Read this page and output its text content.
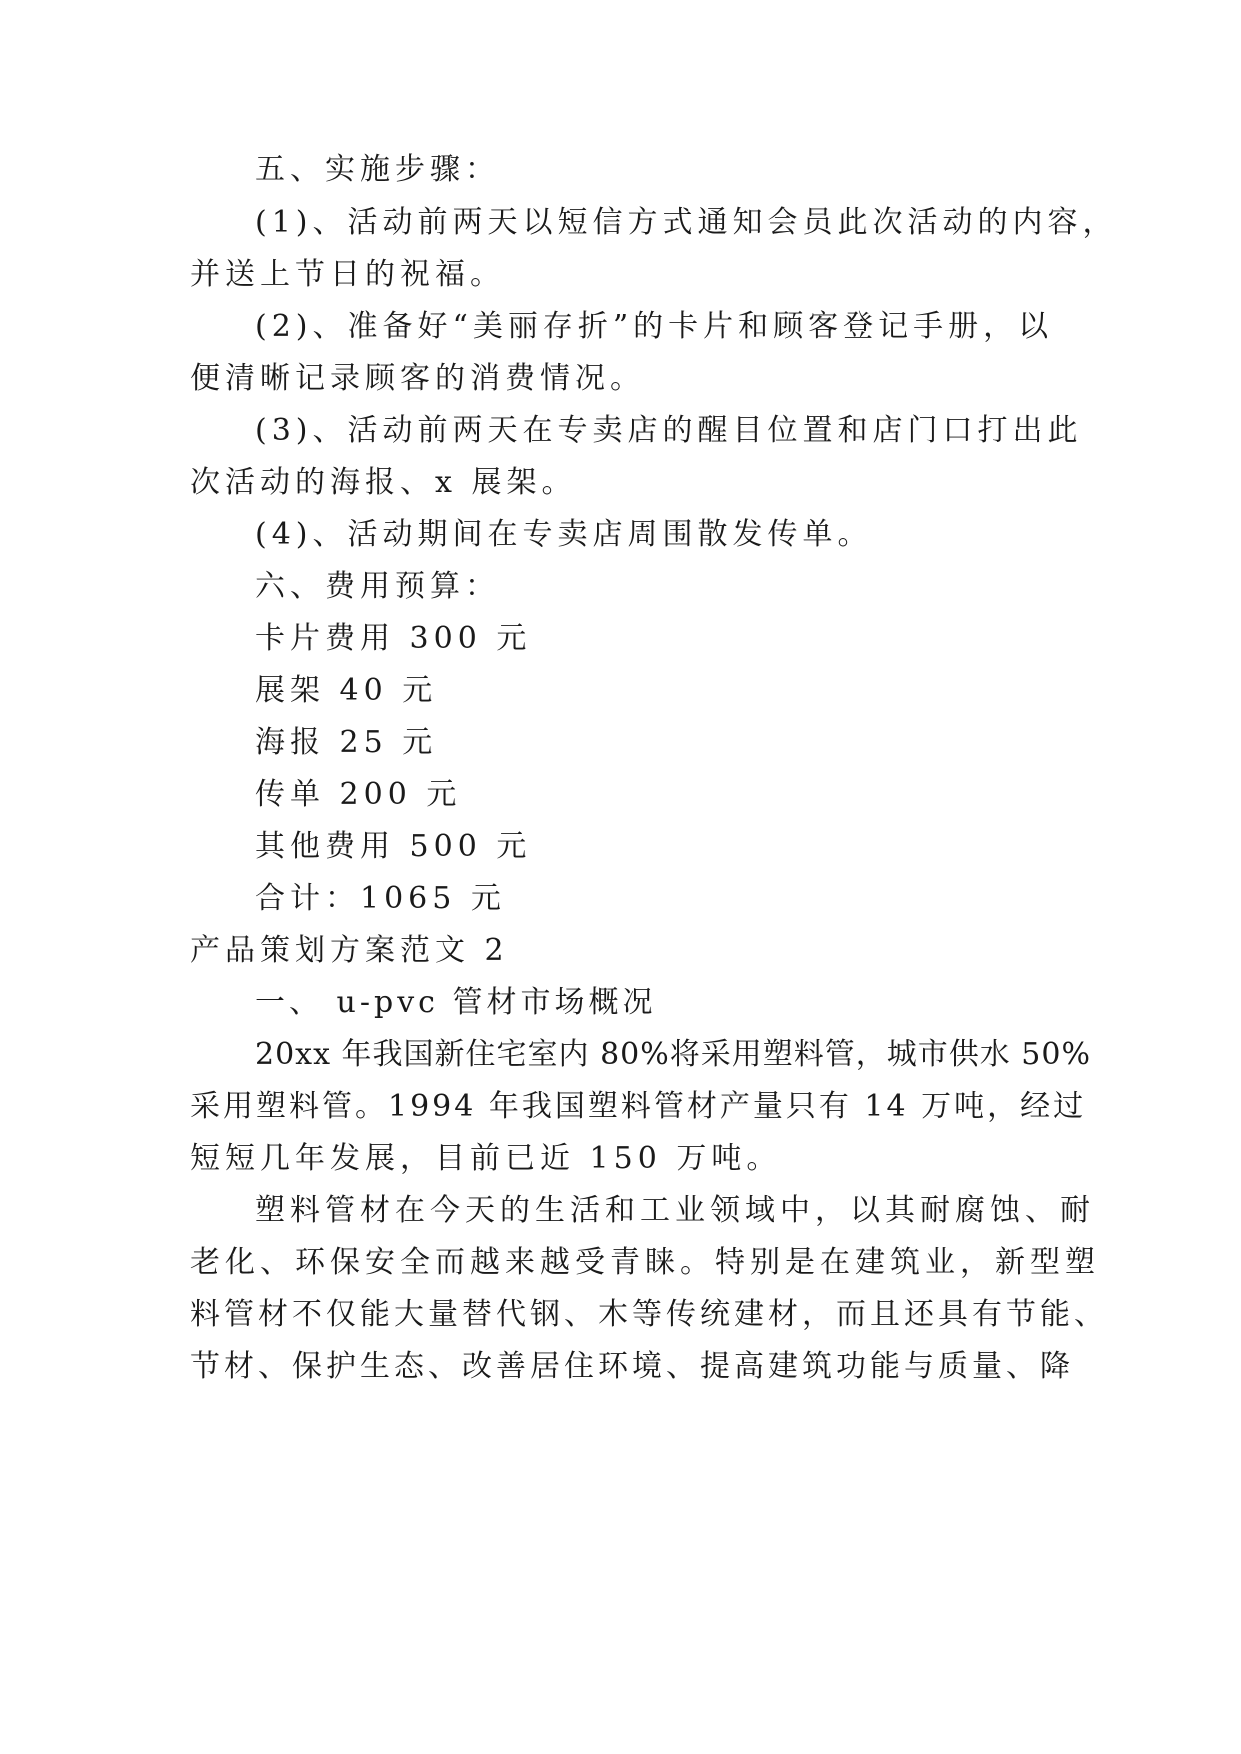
五、实施步骤：
(1)、活动前两天以短信方式通知会员此次活动的内容，
并送上节日的祝福。
(2)、准备好“美丽存折”的卡片和顾客登记手册，以
便清晰记录顾客的消费情况。
(3)、活动前两天在专卖店的醒目位置和店门口打出此
次活动的海报、x 展架。
(4)、活动期间在专卖店周围散发传单。
六、费用预算：
卡片费用 300 元
展架 40 元
海报 25 元
传单 200 元
其他费用 500 元
合计：1065 元
产品策划方案范文 2
一、 u-pvc 管材市场概况
20xx 年我国新住宅室内 80%将采用塑料管，城市供水 50%
采用塑料管。1994 年我国塑料管材产量只有 14 万吨，经过
短短几年发展，目前已近 150 万吨。
塑料管材在今天的生活和工业领域中，以其耐腐蚀、耐
老化、环保安全而越来越受青睐。特别是在建筑业，新型塑
料管材不仅能大量替代钢、木等传统建材，而且还具有节能、
节材、保护生态、改善居住环境、提高建筑功能与质量、降
